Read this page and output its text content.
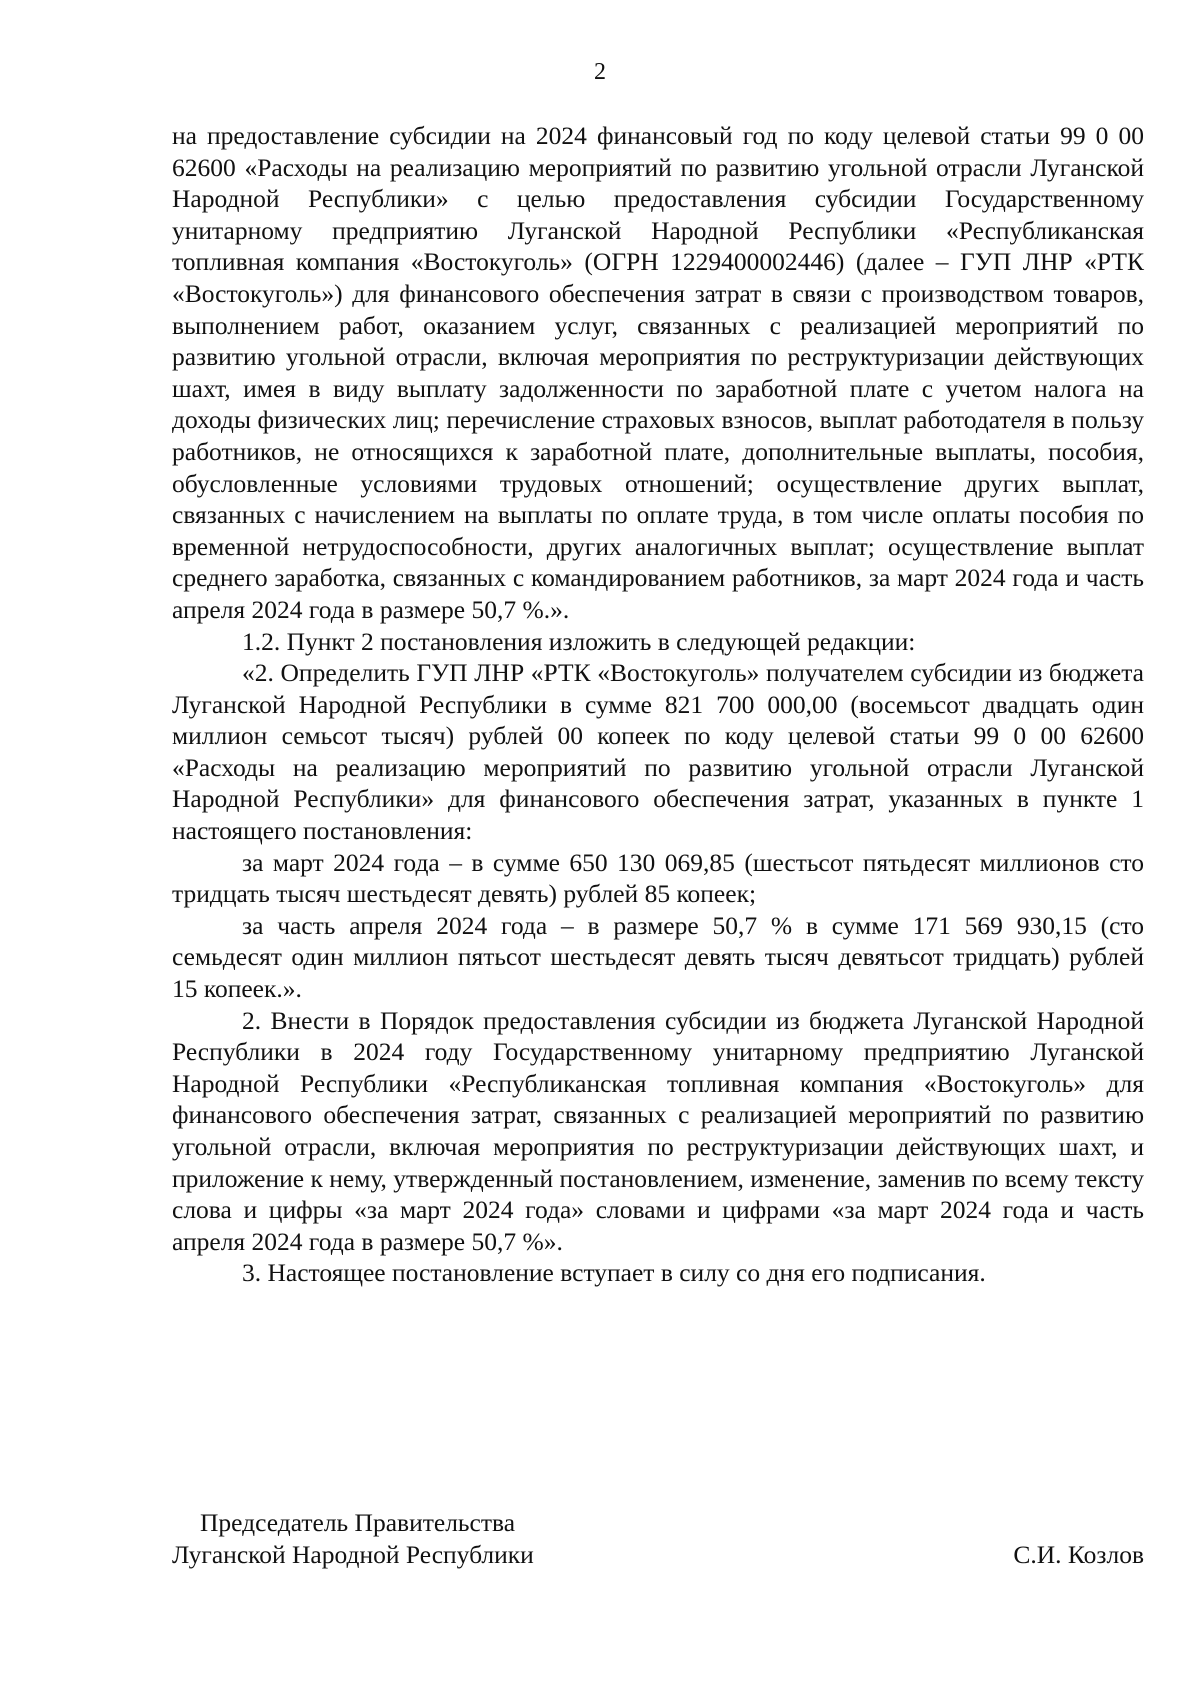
2

на предоставление субсидии на 2024 финансовый год по коду целевой статьи 99 0 00 62600 «Расходы на реализацию мероприятий по развитию угольной отрасли Луганской Народной Республики» с целью предоставления субсидии Государственному унитарному предприятию Луганской Народной Республики «Республиканская топливная компания «Востокуголь» (ОГРН 1229400002446) (далее – ГУП ЛНР «РТК «Востокуголь») для финансового обеспечения затрат в связи с производством товаров, выполнением работ, оказанием услуг, связанных с реализацией мероприятий по развитию угольной отрасли, включая мероприятия по реструктуризации действующих шахт, имея в виду выплату задолженности по заработной плате с учетом налога на доходы физических лиц; перечисление страховых взносов, выплат работодателя в пользу работников, не относящихся к заработной плате, дополнительные выплаты, пособия, обусловленные условиями трудовых отношений; осуществление других выплат, связанных с начислением на выплаты по оплате труда, в том числе оплаты пособия по временной нетрудоспособности, других аналогичных выплат; осуществление выплат среднего заработка, связанных с командированием работников, за март 2024 года и часть апреля 2024 года в размере 50,7 %.».

1.2. Пункт 2 постановления изложить в следующей редакции:

«2. Определить ГУП ЛНР «РТК «Востокуголь» получателем субсидии из бюджета Луганской Народной Республики в сумме 821 700 000,00 (восемьсот двадцать один миллион семьсот тысяч) рублей 00 копеек по коду целевой статьи 99 0 00 62600 «Расходы на реализацию мероприятий по развитию угольной отрасли Луганской Народной Республики» для финансового обеспечения затрат, указанных в пункте 1 настоящего постановления:

за март 2024 года – в сумме 650 130 069,85 (шестьсот пятьдесят миллионов сто тридцать тысяч шестьдесят девять) рублей 85 копеек;

за часть апреля 2024 года – в размере 50,7 % в сумме 171 569 930,15 (сто семьдесят один миллион пятьсот шестьдесят девять тысяч девятьсот тридцать) рублей 15 копеек.».

2. Внести в Порядок предоставления субсидии из бюджета Луганской Народной Республики в 2024 году Государственному унитарному предприятию Луганской Народной Республики «Республиканская топливная компания «Востокуголь» для финансового обеспечения затрат, связанных с реализацией мероприятий по развитию угольной отрасли, включая мероприятия по реструктуризации действующих шахт, и приложение к нему, утвержденный постановлением, изменение, заменив по всему тексту слова и цифры «за март 2024 года» словами и цифрами «за март 2024 года и часть апреля 2024 года в размере 50,7 %».

3. Настоящее постановление вступает в силу со дня его подписания.

Председатель Правительства
Луганской Народной Республики	С.И. Козлов
